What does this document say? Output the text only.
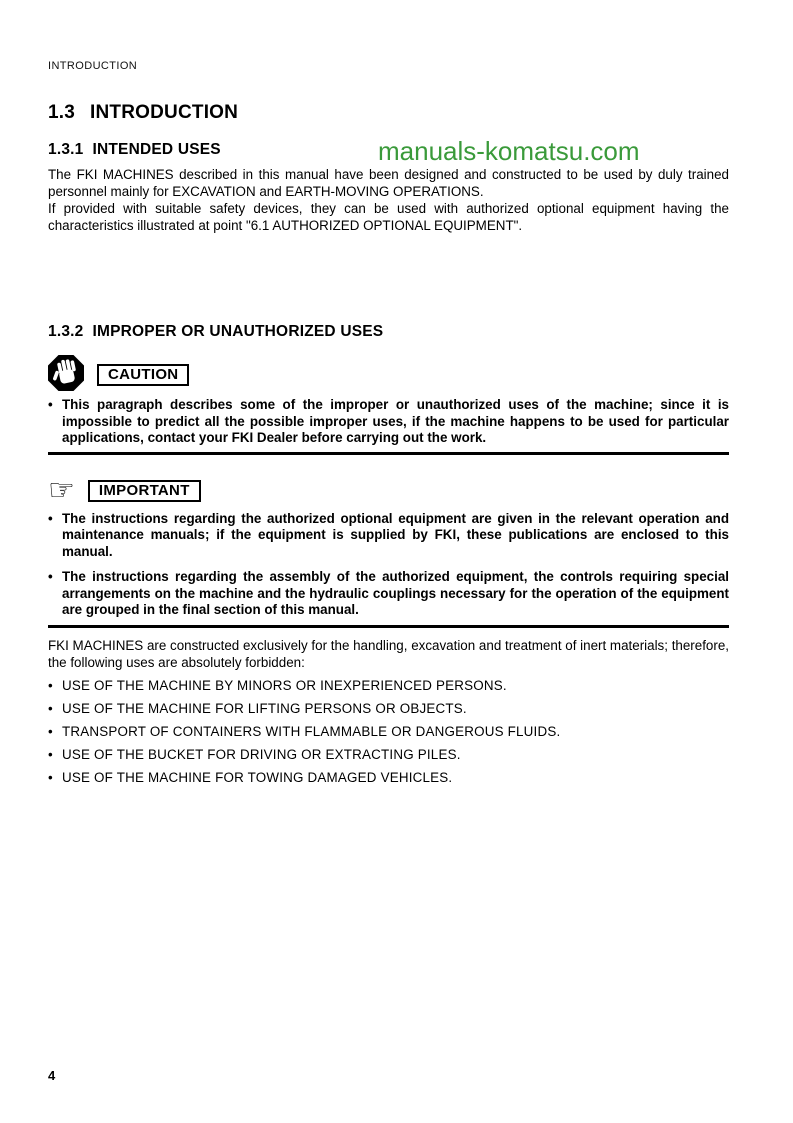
manuals-komatsu.com
INTRODUCTION
1.3 INTRODUCTION
1.3.1 INTENDED USES

The FKI MACHINES described in this manual have been designed and constructed to be used by duly trained personnel mainly for EXCAVATION and EARTH-MOVING OPERATIONS.

If provided with suitable safety devices, they can be used with authorized optional equipment having the characteristics illustrated at point "6.1 AUTHORIZED OPTIONAL EQUIPMENT".

1.3.2 IMPROPER OR UNAUTHORIZED USES
CAUTION
• This paragraph describes some of the improper or unauthorized uses of the machine; since it is impossible to predict all the possible improper uses, if the machine happens to be used for particular applications, contact your FKI Dealer before carrying out the work.
☞	IMPORTANT
• The instructions regarding the authorized optional equipment are given in the relevant operation and maintenance manuals; if the equipment is supplied by FKI, these publications are enclosed to this manual.
• The instructions regarding the assembly of the authorized equipment, the controls requiring special arrangements on the machine and the hydraulic couplings necessary for the operation of the equipment are grouped in the final section of this manual.
FKI MACHINES are constructed exclusively for the handling, excavation and treatment of inert materials; therefore, the following uses are absolutely forbidden:
• USE OF THE MACHINE BY MINORS OR INEXPERIENCED PERSONS.
• USE OF THE MACHINE FOR LIFTING PERSONS OR OBJECTS.
• TRANSPORT OF CONTAINERS WITH FLAMMABLE OR DANGEROUS FLUIDS.
• USE OF THE BUCKET FOR DRIVING OR EXTRACTING PILES.
• USE OF THE MACHINE FOR TOWING DAMAGED VEHICLES.
4
